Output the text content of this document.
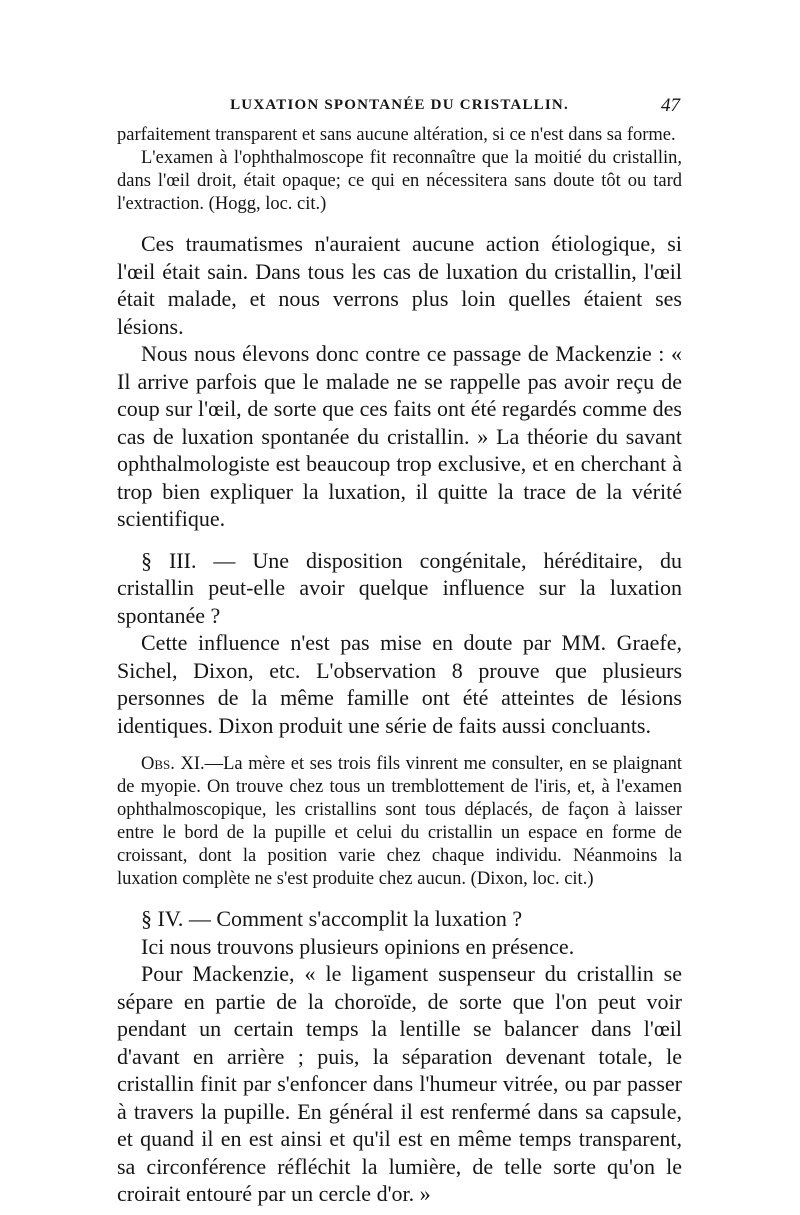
LUXATION SPONTANÉE DU CRISTALLIN.	47

parfaitement transparent et sans aucune altération, si ce n'est dans sa forme.

L'examen à l'ophthalmoscope fit reconnaître que la moitié du cristallin, dans l'œil droit, était opaque; ce qui en nécessitera sans doute tôt ou tard l'extraction. (Hogg, loc. cit.)

Ces traumatismes n'auraient aucune action étiologique, si l'œil était sain. Dans tous les cas de luxation du cristallin, l'œil était malade, et nous verrons plus loin quelles étaient ses lésions.

Nous nous élevons donc contre ce passage de Mackenzie : « Il arrive parfois que le malade ne se rappelle pas avoir reçu de coup sur l'œil, de sorte que ces faits ont été regardés comme des cas de luxation spontanée du cristallin. » La théorie du savant ophthalmologiste est beaucoup trop exclusive, et en cherchant à trop bien expliquer la luxation, il quitte la trace de la vérité scientifique.

§ III. — Une disposition congénitale, héréditaire, du cristallin peut-elle avoir quelque influence sur la luxation spontanée ?

Cette influence n'est pas mise en doute par MM. Graefe, Sichel, Dixon, etc. L'observation 8 prouve que plusieurs personnes de la même famille ont été atteintes de lésions identiques. Dixon produit une série de faits aussi concluants.

Obs. XI.—La mère et ses trois fils vinrent me consulter, en se plaignant de myopie. On trouve chez tous un tremblottement de l'iris, et, à l'examen ophthalmoscopique, les cristallins sont tous déplacés, de façon à laisser entre le bord de la pupille et celui du cristallin un espace en forme de croissant, dont la position varie chez chaque individu. Néanmoins la luxation complète ne s'est produite chez aucun. (Dixon, loc. cit.)

§ IV. — Comment s'accomplit la luxation ?

Ici nous trouvons plusieurs opinions en présence.

Pour Mackenzie, « le ligament suspenseur du cristallin se sépare en partie de la choroïde, de sorte que l'on peut voir pendant un certain temps la lentille se balancer dans l'œil d'avant en arrière ; puis, la séparation devenant totale, le cristallin finit par s'enfoncer dans l'humeur vitrée, ou par passer à travers la pupille. En général il est renfermé dans sa capsule, et quand il en est ainsi et qu'il est en même temps transparent, sa circonférence réfléchit la lumière, de telle sorte qu'on le croirait entouré par un cercle d'or. »
